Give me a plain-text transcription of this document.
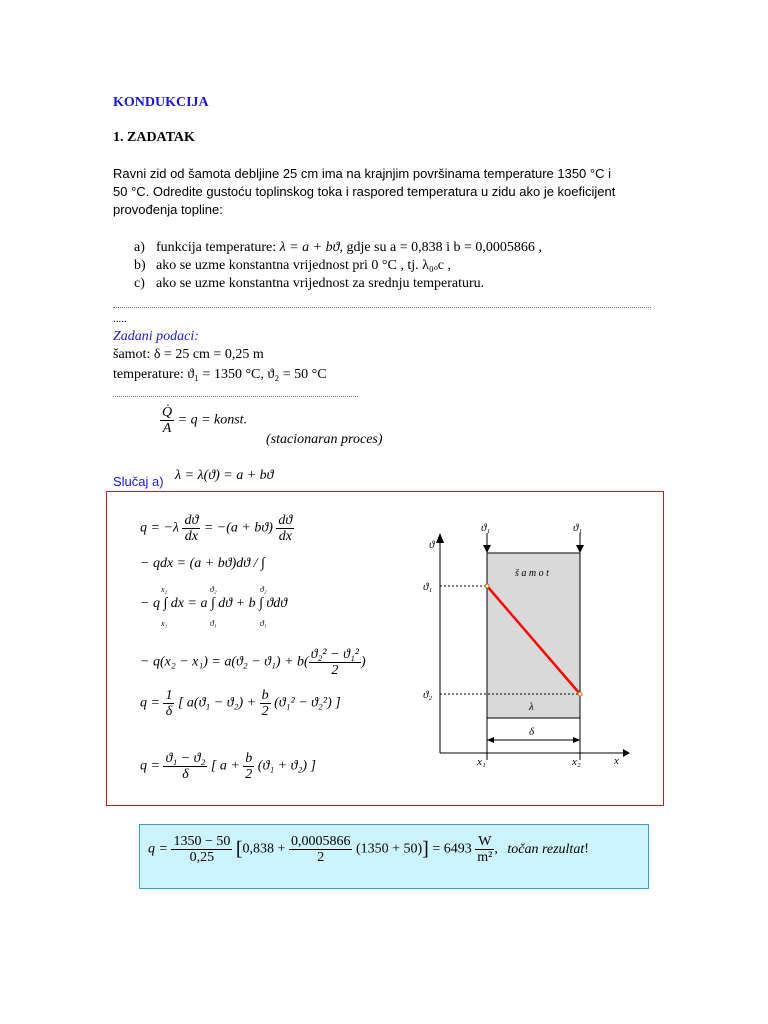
KONDUKCIJA
1. ZADATAK
Ravni zid od šamota debljine 25 cm ima na krajnjim površinama temperature 1350 °C i
50 °C. Odredite gustoću toplinskog toka i raspored temperatura u zidu ako je koeficijent
provođenja topline:
a) funkcija temperature: λ = a + bϑ, gdje su a = 0,838 i b = 0,0005866 ,
b) ako se uzme konstantna vrijednost pri 0 °C , tj. λ₀ₒc ,
c) ako se uzme konstantna vrijednost za srednju temperaturu.
.....
Zadani podaci:
šamot: δ = 25 cm = 0,25 m
temperature: ϑ₁ = 1350 °C, ϑ₂ = 50 °C
$\frac{Q̇}{A} = q$ = konst.
(stacionaran proces)
Slučaj a) λ = λ(ϑ) = a + bϑ
$q = -\lambda \frac{dϑ}{dx} = -(a + bϑ) \frac{dϑ}{dx}$
− qdx = (a + bϑ)dϑ / ∫
− q ∫ dx = a ∫ dϑ + b ∫ ϑdϑ
x₂
x₁
ϑ₂
ϑ₁
ϑ₂
ϑ₁
− $q(x_2 - x_1) = a(ϑ_2 - ϑ_1) + b( \frac{\text{ϑ₂² − ϑ₁²}}{2}$ )
$q = \frac{1}{\delta}$ [ $a(ϑ_1 - ϑ_2) + \frac{b}{2} (ϑ_1^2 - ϑ_2^2)$ ]
$q = \frac{\text{ϑ₁ − ϑ₂}}{\delta}$ [ $a + \frac{b}{2} (ϑ_1 + ϑ_2)$ ]
ϑ
x
ϑ₁	ϑ₁
ϑ₁
ϑ₂
š a m o t
λ
δ
x₁	x₂
$q = \frac{1350 - 50}{0,25} [0,838 + \frac{0,0005866}{2} (1350 + 50)] = 6493 \frac{W}{\text{m²}}$ , točan rezultat!
